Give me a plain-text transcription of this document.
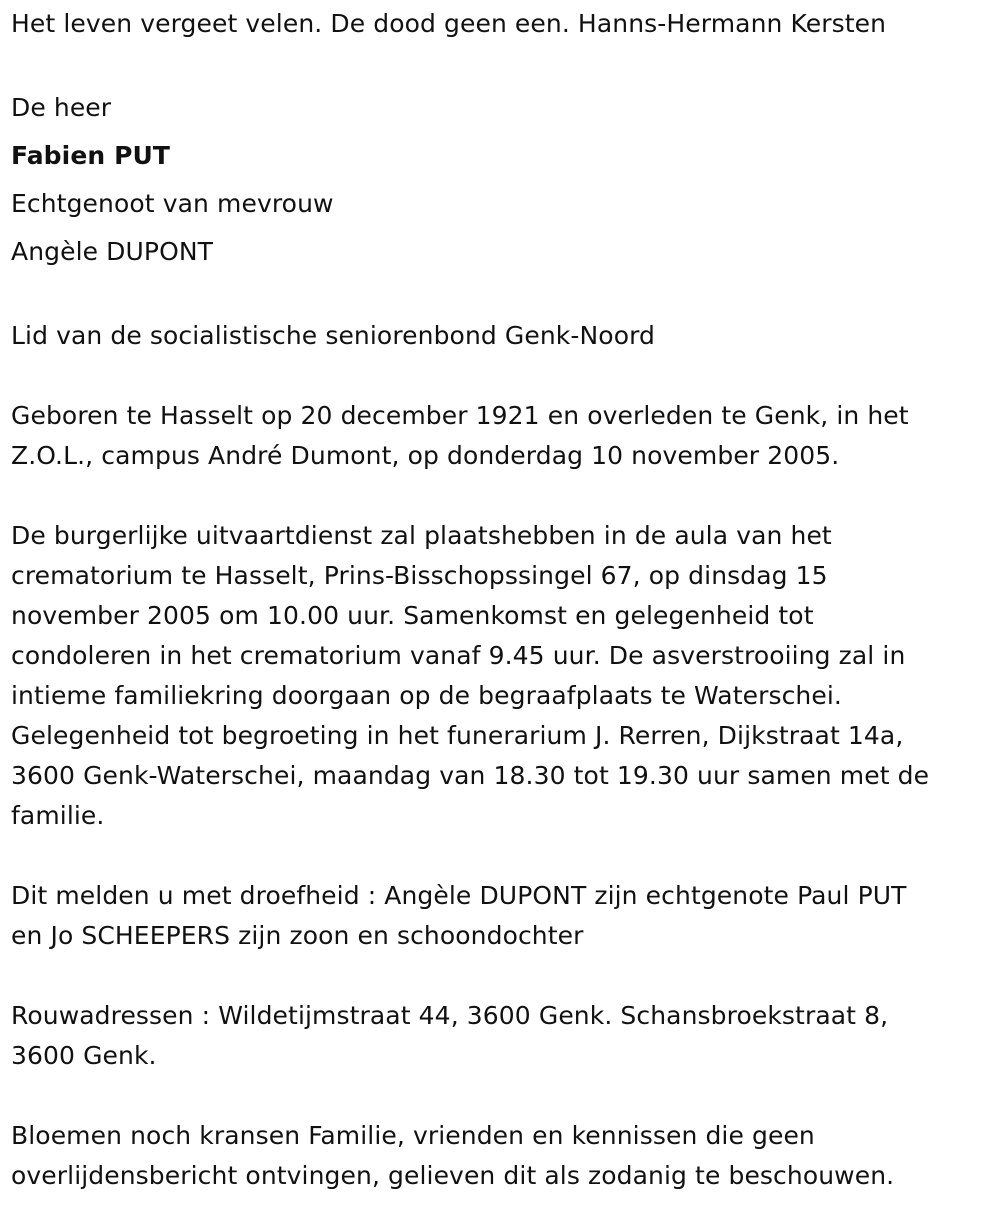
Het leven vergeet velen. De dood geen een. Hanns-Hermann Kersten

De heer

Fabien PUT

Echtgenoot van mevrouw

Angèle DUPONT

Lid van de socialistische seniorenbond Genk-Noord

Geboren te Hasselt op 20 december 1921 en overleden te Genk, in het

Z.O.L., campus André Dumont, op donderdag 10 november 2005.

De burgerlijke uitvaartdienst zal plaatshebben in de aula van het

crematorium te Hasselt, Prins-Bisschopssingel 67, op dinsdag 15

november 2005 om 10.00 uur. Samenkomst en gelegenheid tot

condoleren in het crematorium vanaf 9.45 uur. De asverstrooiing zal in

intieme familiekring doorgaan op de begraafplaats te Waterschei.

Gelegenheid tot begroeting in het funerarium J. Rerren, Dijkstraat 14a,

3600 Genk-Waterschei, maandag van 18.30 tot 19.30 uur samen met de

familie.

Dit melden u met droefheid : Angèle DUPONT zijn echtgenote Paul PUT

en Jo SCHEEPERS zijn zoon en schoondochter

Rouwadressen : Wildetijmstraat 44, 3600 Genk. Schansbroekstraat 8,

3600 Genk.

Bloemen noch kransen Familie, vrienden en kennissen die geen

overlijdensbericht ontvingen, gelieven dit als zodanig te beschouwen.
